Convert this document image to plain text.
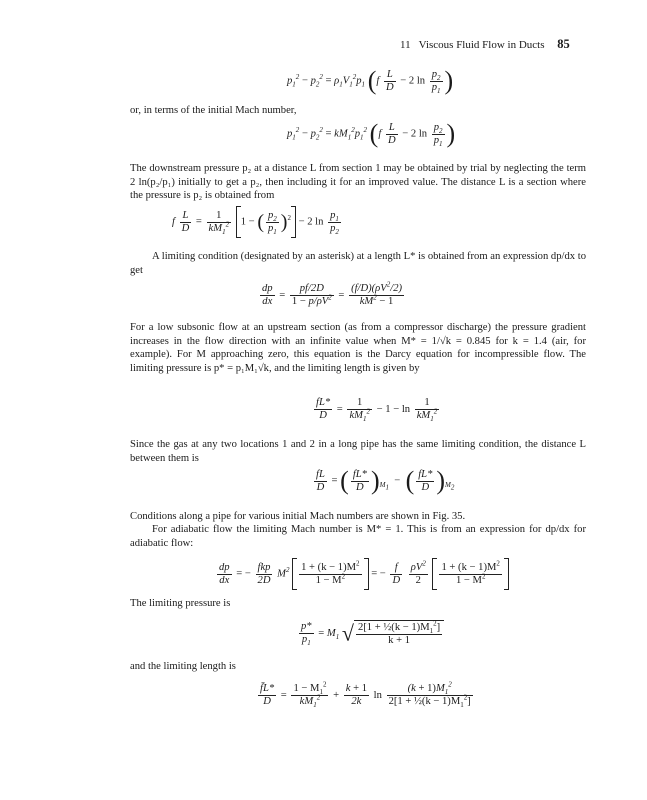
11 Viscous Fluid Flow in Ducts 85
$p_1^2 - p_2^2 = \rho_1V_1^2p_1$ ($f \frac{L}{D} - 2$ $\ln \frac{p_2}{p_1}$ )
or, in terms of the initial Mach number,
$p_1^2 - p_2^2 = kM_1^2p_1^2$ ($f \frac{L}{D} - 2$ $\ln \frac{p_2}{p_1}$ )
The downstream pressure p₂ at a distance L from section 1 may be obtained by trial by neglecting the term 2 ln(p₂/p₁) initially to get a p₂, then including it for an improved value. The distance L is a section where the pressure is p₂ is obtained from
f $\frac{L}{D} = \frac{1}{kM_1^2} 1$ − ( $\frac{p_2}{p_1} )^2 - 2$ $\ln \frac{p_1}{p_2}$
A limiting condition (designated by an asterisk) at a length L* is obtained from an expression dp/dx to get
$\frac{dp}{dx} = \frac{pf/2D}{1 - p/\rho V^2} = \frac{(f/D)(\rho V^2/2)}{kM^2 - 1}$
For a low subsonic flow at an upstream section (as from a compressor discharge) the pressure gradient increases in the flow direction with an infinite value when M* = 1/√k = 0.845 for k = 1.4 (air, for example). For M approaching zero, this equation is the Darcy equation for incompressible flow. The limiting pressure is p* = p₁M₁√k, and the limiting length is given by
$\frac{fL*}{D} = \frac{1}{kM_1^2} - 1 - \ln \frac{1}{kM_1^2}$
Since the gas at any two locations 1 and 2 in a long pipe has the same limiting condition, the distance L between them is
$\frac{fL}{D}$ = ( $\frac{fL*}{D} )_{M_1}$  −  ( $\frac{fL*}{D} )_{M_2}$
Conditions along a pipe for various initial Mach numbers are shown in Fig. 35.
For adiabatic flow the limiting Mach number is M* = 1. This is from an expression for dp/dx for adiabatic flow:
$\frac{dp}{dx}$ = − $\frac{\text{fkp}}{2D} M^2 \frac{1 + (k - 1)M^2}{1 - M^2}$ = − $\frac{f}{D}$
$\frac{\rho V^2}{2}$
$\frac{1 + (k - 1)M^2}{1 - M^2}$
The limiting pressure is
$\frac{p*}{p_1} = M_1$ √ $\frac{2[1 + \frac{1}{2}(k - 1)M_1^2]}{k + 1}$
and the limiting length is
$\frac{f̄L*}{D} = \frac{1 - M_1^2}{kM_1^2} + \frac{k + 1}{2k}$ $\ln \frac{(k + 1)M_1^2}{2[1 + \frac{1}{2}(k - 1)M_1^2]}$
